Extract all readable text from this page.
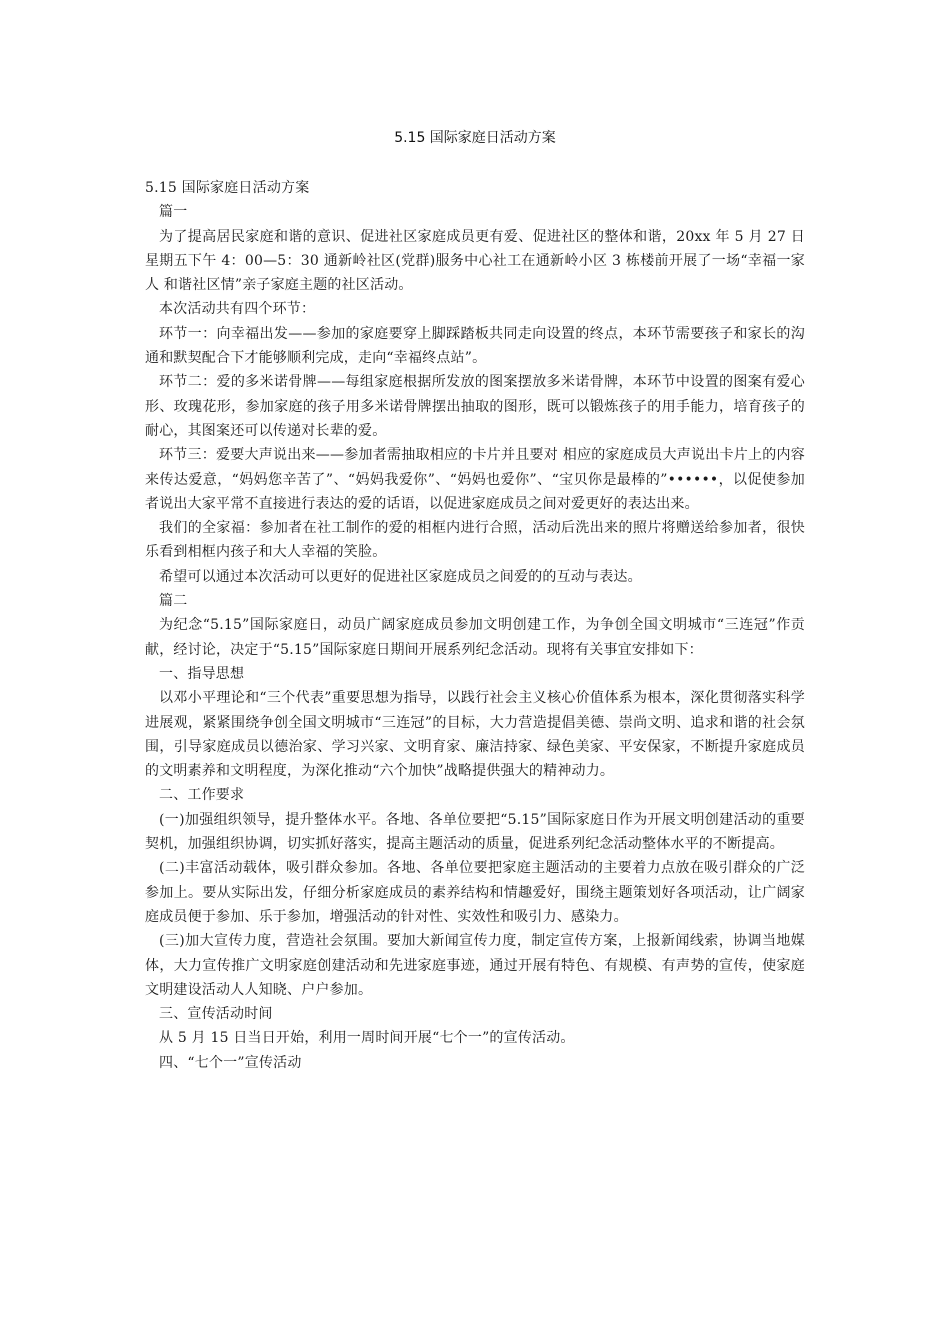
5.15 国际家庭日活动方案

5.15 国际家庭日活动方案

篇一

为了提高居民家庭和谐的意识、促进社区家庭成员更有爱、促进社区的整体和谐，20xx 年 5 月 27 日星期五下午 4：00—5：30 通新岭社区(党群)服务中心社工在通新岭小区 3 栋楼前开展了一场“幸福一家人 和谐社区情”亲子家庭主题的社区活动。

本次活动共有四个环节：

环节一：向幸福出发——参加的家庭要穿上脚踩踏板共同走向设置的终点，本环节需要孩子和家长的沟通和默契配合下才能够顺利完成，走向“幸福终点站”。

环节二：爱的多米诺骨牌——每组家庭根据所发放的图案摆放多米诺骨牌，本环节中设置的图案有爱心形、玫瑰花形，参加家庭的孩子用多米诺骨牌摆出抽取的图形，既可以锻炼孩子的用手能力，培育孩子的耐心，其图案还可以传递对长辈的爱。

环节三：爱要大声说出来——参加者需抽取相应的卡片并且要对 相应的家庭成员大声说出卡片上的内容来传达爱意，“妈妈您辛苦了”、“妈妈我爱你”、“妈妈也爱你”、“宝贝你是最棒的”••••••，以促使参加者说出大家平常不直接进行表达的爱的话语，以促进家庭成员之间对爱更好的表达出来。

我们的全家福：参加者在社工制作的爱的相框内进行合照，活动后洗出来的照片将赠送给参加者，很快乐看到相框内孩子和大人幸福的笑脸。

希望可以通过本次活动可以更好的促进社区家庭成员之间爱的的互动与表达。

篇二

为纪念“5.15”国际家庭日，动员广阔家庭成员参加文明创建工作，为争创全国文明城市“三连冠”作贡献，经讨论，决定于“5.15”国际家庭日期间开展系列纪念活动。现将有关事宜安排如下：

一、指导思想

以邓小平理论和“三个代表”重要思想为指导，以践行社会主义核心价值体系为根本，深化贯彻落实科学进展观，紧紧围绕争创全国文明城市“三连冠”的目标，大力营造提倡美德、崇尚文明、追求和谐的社会氛围，引导家庭成员以德治家、学习兴家、文明育家、廉洁持家、绿色美家、平安保家，不断提升家庭成员的文明素养和文明程度，为深化推动“六个加快”战略提供强大的精神动力。

二、工作要求

(一)加强组织领导，提升整体水平。各地、各单位要把“5.15”国际家庭日作为开展文明创建活动的重要契机，加强组织协调，切实抓好落实，提高主题活动的质量，促进系列纪念活动整体水平的不断提高。

(二)丰富活动载体，吸引群众参加。各地、各单位要把家庭主题活动的主要着力点放在吸引群众的广泛参加上。要从实际出发，仔细分析家庭成员的素养结构和情趣爱好，围绕主题策划好各项活动，让广阔家庭成员便于参加、乐于参加，增强活动的针对性、实效性和吸引力、感染力。

(三)加大宣传力度，营造社会氛围。要加大新闻宣传力度，制定宣传方案，上报新闻线索，协调当地媒体，大力宣传推广文明家庭创建活动和先进家庭事迹，通过开展有特色、有规模、有声势的宣传，使家庭文明建设活动人人知晓、户户参加。

三、宣传活动时间

从 5 月 15 日当日开始，利用一周时间开展“七个一”的宣传活动。

四、“七个一”宣传活动
